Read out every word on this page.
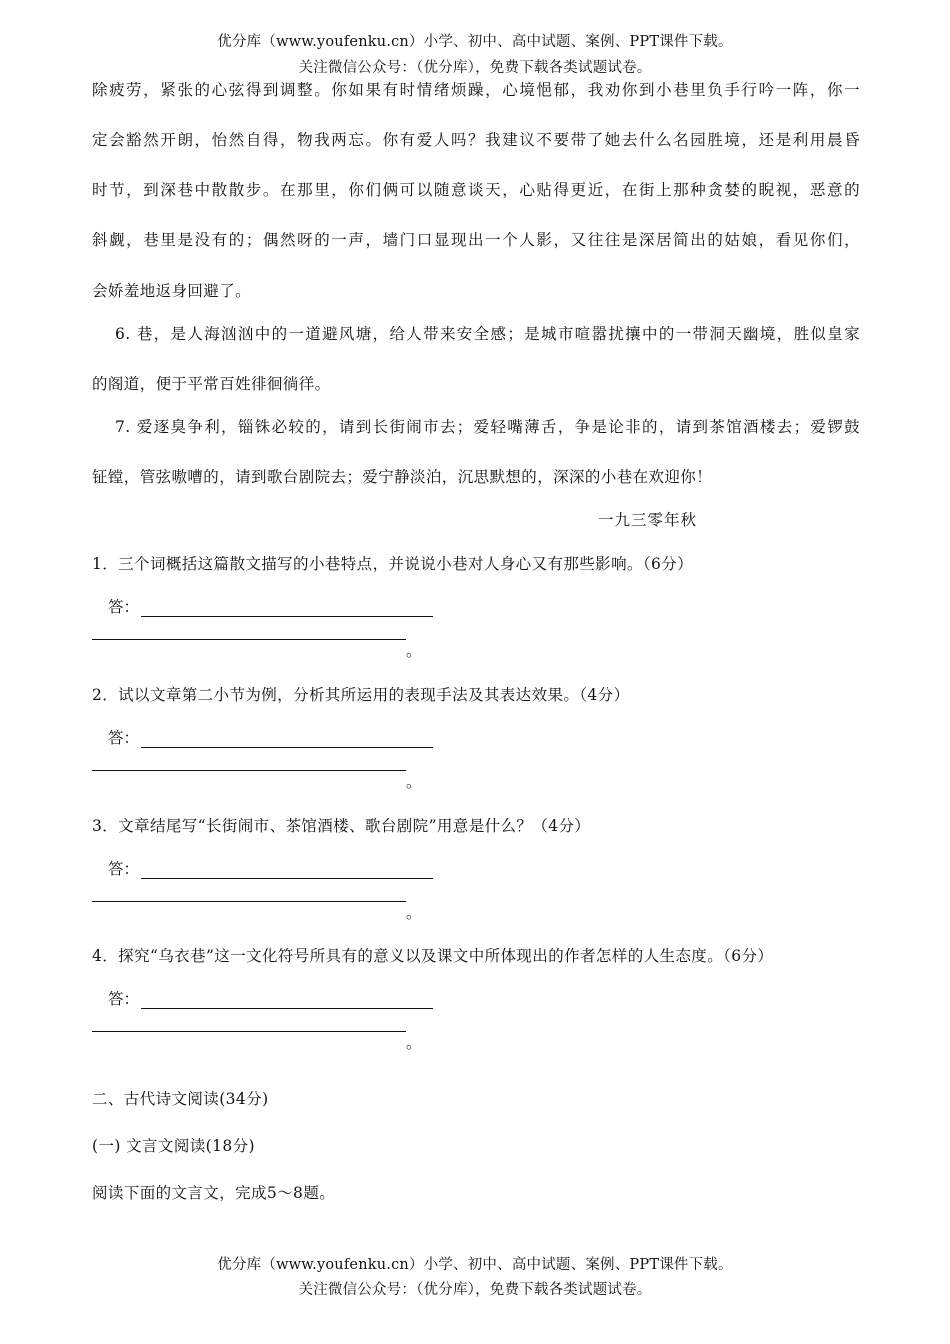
优分库（www.youfenku.cn）小学、初中、高中试题、案例、PPT课件下载。
关注微信公众号：（优分库），免费下载各类试题试卷。
除疲劳，紧张的心弦得到调整。你如果有时情绪烦躁，心境悒郁，我劝你到小巷里负手行吟一阵，你一
定会豁然开朗，怡然自得，物我两忘。你有爱人吗？我建议不要带了她去什么名园胜境，还是利用晨昏
时节，到深巷中散散步。在那里，你们俩可以随意谈天，心贴得更近，在街上那种贪婪的睨视，恶意的
斜觑，巷里是没有的；偶然呀的一声，墙门口显现出一个人影，又往往是深居简出的姑娘，看见你们，
会娇羞地返身回避了。
6. 巷，是人海汹汹中的一道避风塘，给人带来安全感；是城市喧嚣扰攘中的一带洞天幽境，胜似皇家
的阁道，便于平常百姓徘徊徜徉。
7. 爱逐臭争利，锱铢必较的，请到长街闹市去；爱轻嘴薄舌，争是论非的，请到茶馆酒楼去；爱锣鼓
钲镗，管弦嗷嘈的，请到歌台剧院去；爱宁静淡泊，沉思默想的，深深的小巷在欢迎你！
一九三零年秋
1．三个词概括这篇散文描写的小巷特点，并说说小巷对人身心又有那些影响。（6分）
答：
。
2．试以文章第二小节为例，分析其所运用的表现手法及其表达效果。（4分）
答：
。
3．文章结尾写“长街闹市、茶馆酒楼、歌台剧院”用意是什么？（4分）
答：
。
4．探究“乌衣巷”这一文化符号所具有的意义以及课文中所体现出的作者怎样的人生态度。（6分）
答：
。
二、古代诗文阅读(34分)
(一) 文言文阅读(18分)
阅读下面的文言文，完成5～8题。
优分库（www.youfenku.cn）小学、初中、高中试题、案例、PPT课件下载。
关注微信公众号：（优分库），免费下载各类试题试卷。
